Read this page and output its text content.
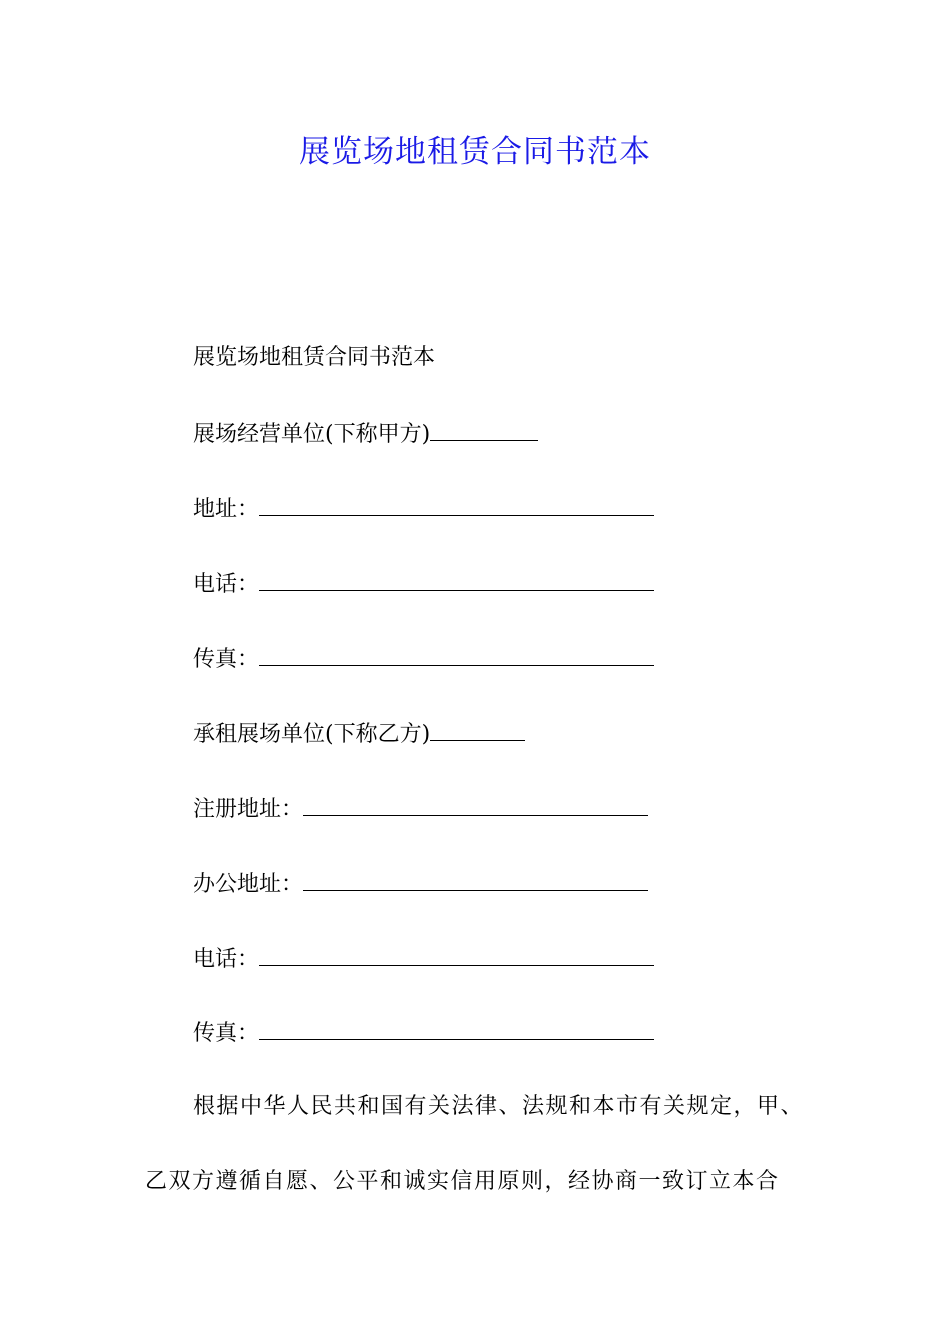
展览场地租赁合同书范本
展览场地租赁合同书范本
展场经营单位(下称甲方)
地址：
电话：
传真：
承租展场单位(下称乙方)
注册地址：
办公地址：
电话：
传真：
根据中华人民共和国有关法律、法规和本市有关规定，甲、
乙双方遵循自愿、公平和诚实信用原则，经协商一致订立本合
